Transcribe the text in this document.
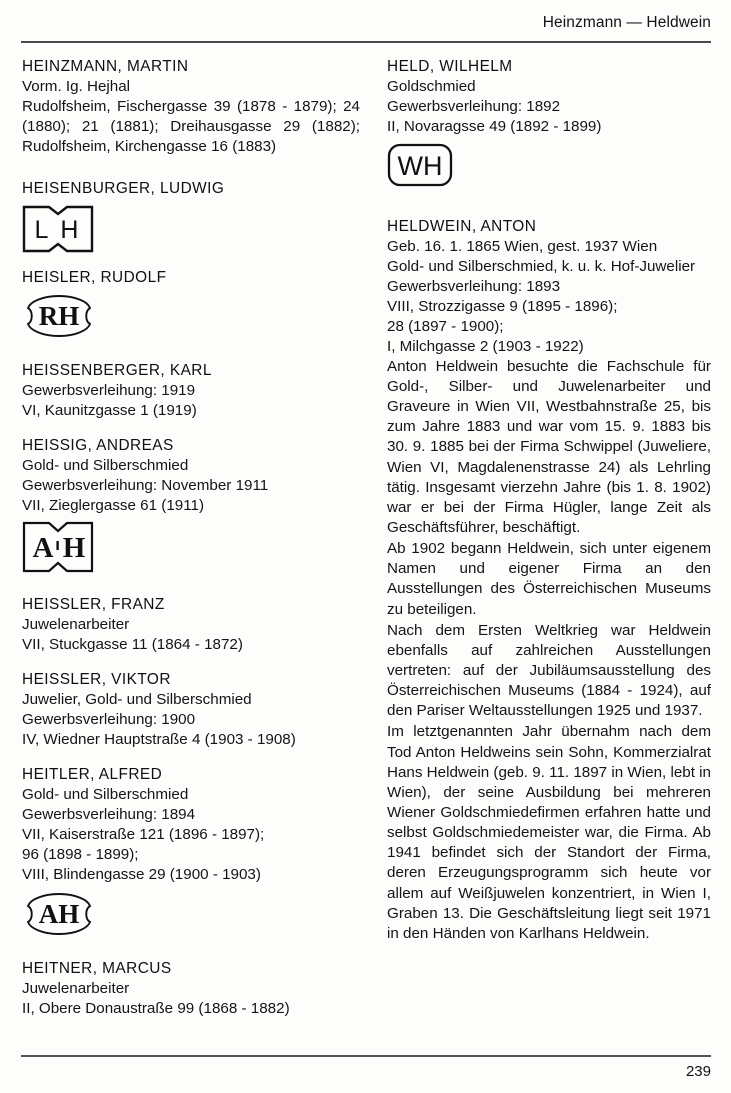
Heinzmann — Heldwein
HEINZMANN, MARTIN
Vorm. Ig. Hejhal
Rudolfsheim, Fischergasse 39 (1878 - 1879); 24 (1880); 21 (1881); Dreihausgasse 29 (1882); Rudolfsheim, Kirchengasse 16 (1883)
HEISENBURGER, LUDWIG
L H
HEISLER, RUDOLF
RH
HEISSENBERGER, KARL
Gewerbsverleihung: 1919
VI, Kaunitzgasse 1 (1919)
HEISSIG, ANDREAS
Gold- und Silberschmied
Gewerbsverleihung: November 1911
VII, Zieglergasse 61 (1911)
A H
HEISSLER, FRANZ
Juwelenarbeiter
VII, Stuckgasse 11 (1864 - 1872)
HEISSLER, VIKTOR
Juwelier, Gold- und Silberschmied
Gewerbsverleihung: 1900
IV, Wiedner Hauptstraße 4 (1903 - 1908)
HEITLER, ALFRED
Gold- und Silberschmied
Gewerbsverleihung: 1894
VII, Kaiserstraße 121 (1896 - 1897);
96 (1898 - 1899);
VIII, Blindengasse 29 (1900 - 1903)
AH
HEITNER, MARCUS
Juwelenarbeiter
II, Obere Donaustraße 99 (1868 - 1882)
HELD, WILHELM
Goldschmied
Gewerbsverleihung: 1892
II, Novaragsse 49 (1892 - 1899)
WH
HELDWEIN, ANTON
Geb. 16. 1. 1865 Wien, gest. 1937 Wien
Gold- und Silberschmied, k. u. k. Hof-Juwelier
Gewerbsverleihung: 1893
VIII, Strozzigasse 9 (1895 - 1896);
28 (1897 - 1900);
I, Milchgasse 2 (1903 - 1922)

Anton Heldwein besuchte die Fachschule für Gold-, Silber- und Juwelenarbeiter und Graveure in Wien VII, Westbahnstraße 25, bis zum Jahre 1883 und war vom 15. 9. 1883 bis 30. 9. 1885 bei der Firma Schwippel (Juweliere, Wien VI, Magdalenenstrasse 24) als Lehrling tätig. Insgesamt vierzehn Jahre (bis 1. 8. 1902) war er bei der Firma Hügler, lange Zeit als Geschäftsführer, beschäftigt.

Ab 1902 begann Heldwein, sich unter eigenem Namen und eigener Firma an den Ausstellungen des Österreichischen Museums zu beteiligen.

Nach dem Ersten Weltkrieg war Heldwein ebenfalls auf zahlreichen Ausstellungen vertreten: auf der Jubiläumsausstellung des Österreichischen Museums (1884 - 1924), auf den Pariser Weltausstellungen 1925 und 1937.

Im letztgenannten Jahr übernahm nach dem Tod Anton Heldweins sein Sohn, Kommerzialrat Hans Heldwein (geb. 9. 11. 1897 in Wien, lebt in Wien), der seine Ausbildung bei mehreren Wiener Goldschmiedefirmen erfahren hatte und selbst Goldschmiedemeister war, die Firma. Ab 1941 befindet sich der Standort der Firma, deren Erzeugungsprogramm sich heute vor allem auf Weißjuwelen konzentriert, in Wien I, Graben 13. Die Geschäftsleitung liegt seit 1971 in den Händen von Karlhans Heldwein.

239
